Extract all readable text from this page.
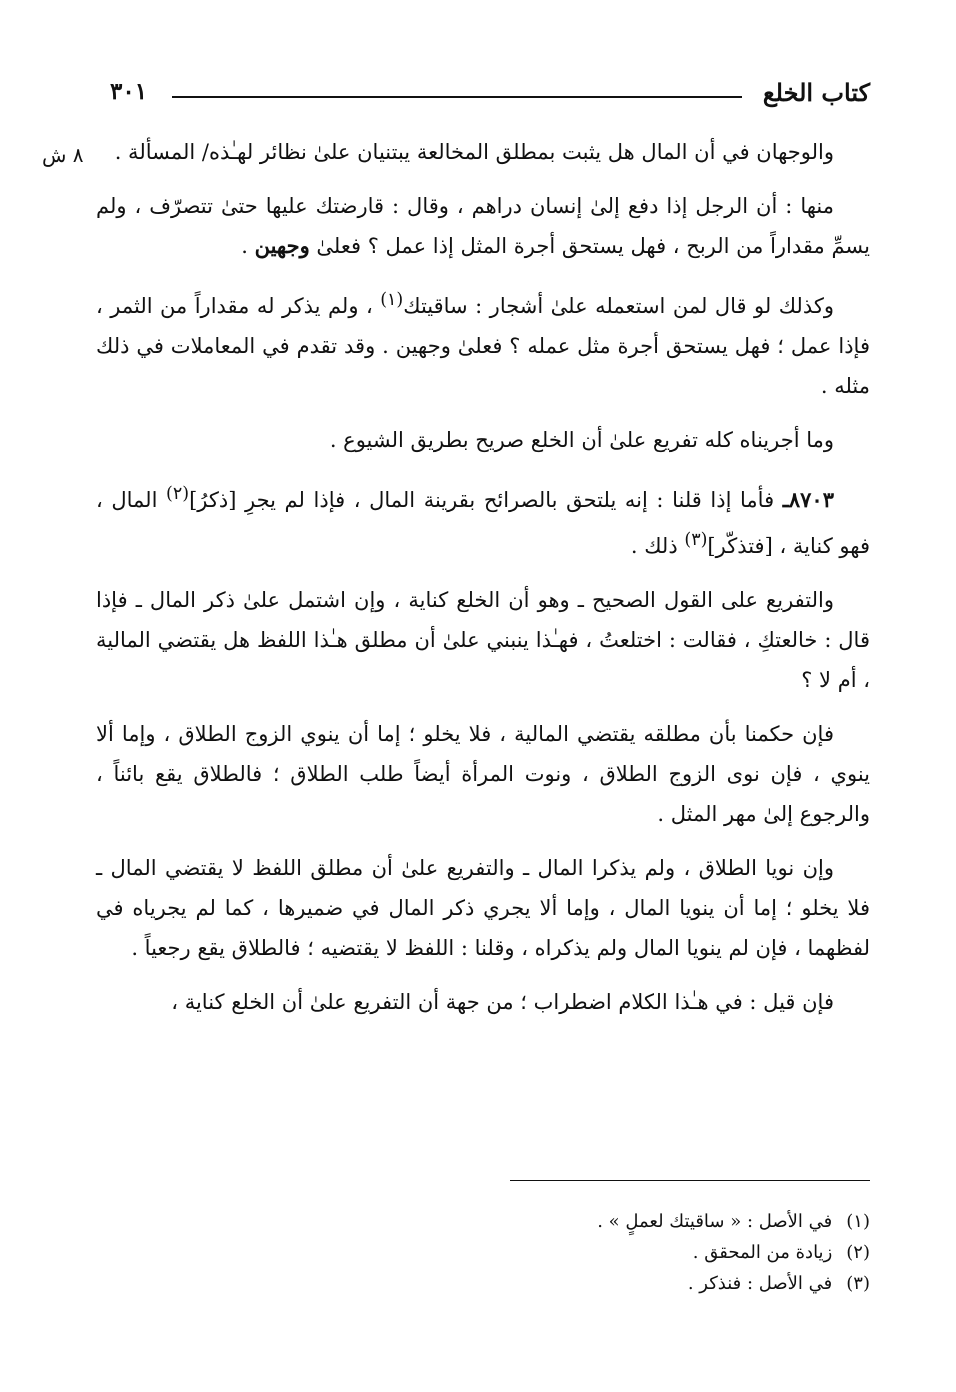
كتاب الخلع
٣٠١
٨ ش	والوجهان في أن المال هل يثبت بمطلق المخالعة يبتنيان علىٰ نظائر لهـٰذه/ المسألة .

منها : أن الرجل إذا دفع إلىٰ إنسان دراهم ، وقال : قارضتك عليها حتىٰ تتصرّف ، ولم يسمِّ مقداراً من الربح ، فهل يستحق أجرة المثل إذا عمل ؟ فعلىٰ وجهين .

وكذلك لو قال لمن استعمله علىٰ أشجار : ساقيتك$^{(١)}$ ، ولم يذكر له مقداراً من الثمر ، فإذا عمل ؛ فهل يستحق أجرة مثل عمله ؟ فعلىٰ وجهين . وقد تقدم في المعاملات في ذلك مثله .

وما أجريناه كله تفريع علىٰ أن الخلع صريح بطريق الشيوع .

٨٧٠٣ـ فأما إذا قلنا : إنه يلتحق بالصرائح بقرينة المال ، فإذا لم يجرِ [ذكرُ]$^{(٢)}$ المال ، فهو كناية ، [فتذكّر]$^{(٣)}$ ذلك .

والتفريع على القول الصحيح ـ وهو أن الخلع كناية ، وإن اشتمل علىٰ ذكر المال ـ فإذا قال : خالعتكِ ، فقالت : اختلعتُ ، فهـٰذا ينبني علىٰ أن مطلق هـٰذا اللفظ هل يقتضي المالية ، أم لا ؟

فإن حكمنا بأن مطلقه يقتضي المالية ، فلا يخلو ؛ إما أن ينوي الزوج الطلاق ، وإما ألا ينوي ، فإن نوى الزوج الطلاق ، ونوت المرأة أيضاً طلب الطلاق ؛ فالطلاق يقع بائناً ، والرجوع إلىٰ مهر المثل .

وإن نويا الطلاق ، ولم يذكرا المال ـ والتفريع علىٰ أن مطلق اللفظ لا يقتضي المال ـ فلا يخلو ؛ إما أن ينويا المال ، وإما ألا يجري ذكر المال في ضميرها ، كما لم يجرياه في لفظهما ، فإن لم ينويا المال ولم يذكراه ، وقلنا : اللفظ لا يقتضيه ؛ فالطلاق يقع رجعياً .

فإن قيل : في هـٰذا الكلام اضطراب ؛ من جهة أن التفريع علىٰ أن الخلع كناية ،

(١)في الأصل : « ساقيتك لعملٍ » .
(٢)زيادة من المحقق .
(٣)في الأصل : فنذكر .
